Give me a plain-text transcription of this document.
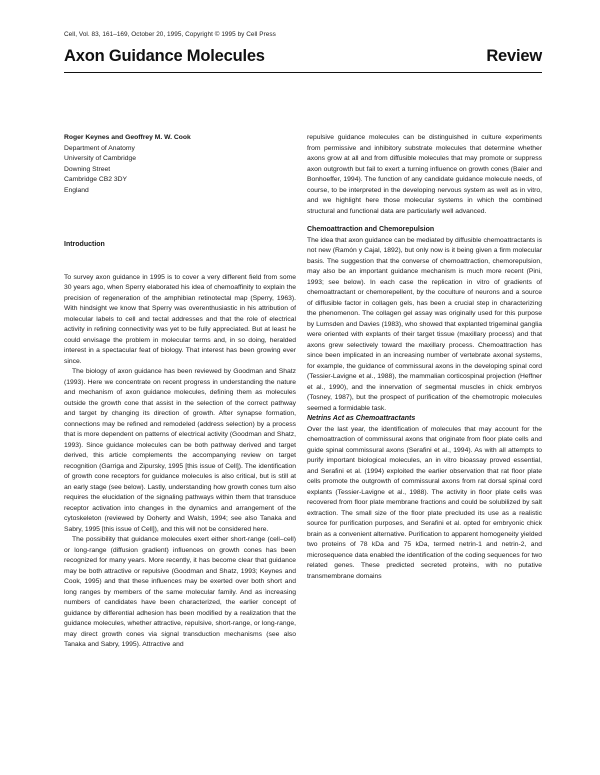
Cell, Vol. 83, 161–169, October 20, 1995, Copyright © 1995 by Cell Press
Axon Guidance Molecules	Review
Roger Keynes and Geoffrey M. W. Cook
Department of Anatomy
University of Cambridge
Downing Street
Cambridge CB2 3DY
England
Introduction
To survey axon guidance in 1995 is to cover a very different field from some 30 years ago, when Sperry elaborated his idea of chemoaffinity to explain the precision of regeneration of the amphibian retinotectal map (Sperry, 1963). With hindsight we know that Sperry was overenthusiastic in his attribution of molecular labels to cell and tectal addresses and that the role of electrical activity in refining connectivity was yet to be fully appreciated. But at least he could envisage the problem in molecular terms and, in so doing, heralded interest in a spectacular feat of biology. That interest has been growing ever since.
The biology of axon guidance has been reviewed by Goodman and Shatz (1993). Here we concentrate on recent progress in understanding the nature and mechanism of axon guidance molecules, defining them as molecules outside the growth cone that assist in the selection of the correct pathway and target by changing its direction of growth. After synapse formation, connections may be refined and remodeled (address selection) by a process that is more dependent on patterns of electrical activity (Goodman and Shatz, 1993). Since guidance molecules can be both pathway derived and target derived, this article complements the accompanying review on target recognition (Garriga and Zipursky, 1995 [this issue of Cell]). The identification of growth cone receptors for guidance molecules is also critical, but is still at an early stage (see below). Lastly, understanding how growth cones turn also requires the elucidation of the signaling pathways within them that transduce receptor activation into changes in the dynamics and arrangement of the cytoskeleton (reviewed by Doherty and Walsh, 1994; see also Tanaka and Sabry, 1995 [this issue of Cell]), and this will not be considered here.
The possibility that guidance molecules exert either short-range (cell–cell) or long-range (diffusion gradient) influences on growth cones has been recognized for many years. More recently, it has become clear that guidance may be both attractive or repulsive (Goodman and Shatz, 1993; Keynes and Cook, 1995) and that these influences may be exerted over both short and long ranges by members of the same molecular family. And as increasing numbers of candidates have been characterized, the earlier concept of guidance by differential adhesion has been modified by a realization that the guidance molecules, whether attractive, repulsive, short-range, or long-range, may direct growth cones via signal transduction mechanisms (see also Tanaka and Sabry, 1995). Attractive and
repulsive guidance molecules can be distinguished in culture experiments from permissive and inhibitory substrate molecules that determine whether axons grow at all and from diffusible molecules that may promote or suppress axon outgrowth but fail to exert a turning influence on growth cones (Baier and Bonhoeffer, 1994). The function of any candidate guidance molecule needs, of course, to be interpreted in the developing nervous system as well as in vitro, and we highlight here those molecular systems in which the combined structural and functional data are particularly well advanced.
Chemoattraction and Chemorepulsion
The idea that axon guidance can be mediated by diffusible chemoattractants is not new (Ramón y Cajal, 1892), but only now is it being given a firm molecular basis. The suggestion that the converse of chemoattraction, chemorepulsion, may also be an important guidance mechanism is much more recent (Pini, 1993; see below). In each case the replication in vitro of gradients of chemoattractant or chemorepellent, by the coculture of neurons and a source of diffusible factor in collagen gels, has been a crucial step in characterizing the phenomenon. The collagen gel assay was originally used for this purpose by Lumsden and Davies (1983), who showed that explanted trigeminal ganglia were oriented with explants of their target tissue (maxillary process) and that axons grew selectively toward the maxillary process. Chemoattraction has since been implicated in an increasing number of vertebrate axonal systems, for example, the guidance of commissural axons in the developing spinal cord (Tessier-Lavigne et al., 1988), the mammalian corticospinal projection (Heffner et al., 1990), and the innervation of segmental muscles in chick embryos (Tosney, 1987), but the prospect of purification of the chemotropic molecules seemed a formidable task.
Netrins Act as Chemoattractants
Over the last year, the identification of molecules that may account for the chemoattraction of commissural axons that originate from floor plate cells and guide spinal commissural axons (Serafini et al., 1994). As with all attempts to purify important biological molecules, an in vitro bioassay proved essential, and Serafini et al. (1994) exploited the earlier observation that rat floor plate cells promote the outgrowth of commissural axons from rat dorsal spinal cord explants (Tessier-Lavigne et al., 1988). The activity in floor plate cells was recovered from floor plate membrane fractions and could be solubilized by salt extraction. The small size of the floor plate precluded its use as a realistic source for purification purposes, and Serafini et al. opted for embryonic chick brain as a convenient alternative. Purification to apparent homogeneity yielded two proteins of 78 kDa and 75 kDa, termed netrin-1 and netrin-2, and microsequence data enabled the identification of the coding sequences for two related genes. These predicted secreted proteins, with no putative transmembrane domains
